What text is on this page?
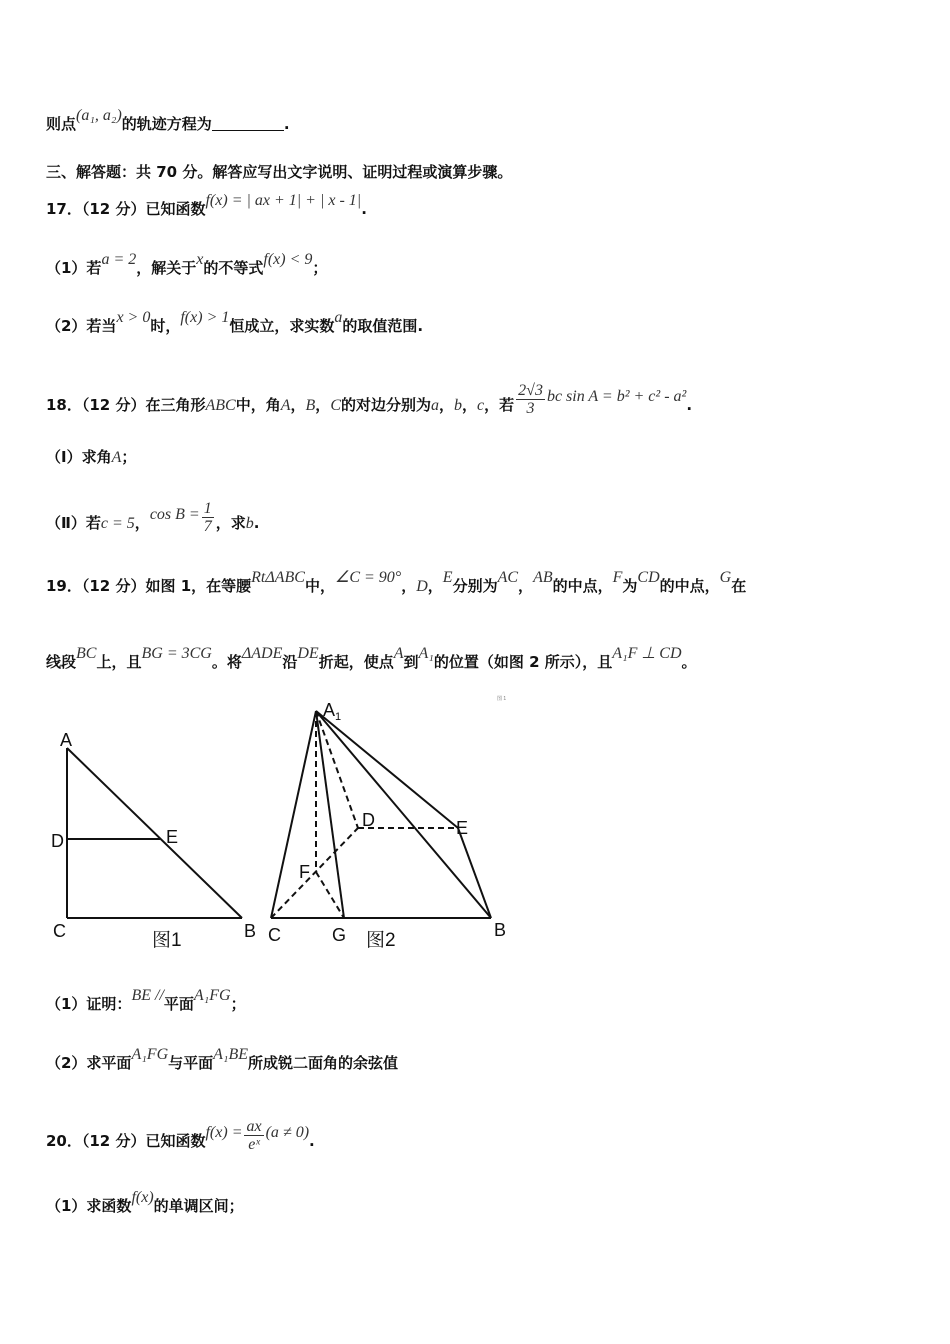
则点(a₁, a₂)的轨迹方程为	.
三、解答题：共 70 分。解答应写出文字说明、证明过程或演算步骤。
17．（12 分）已知函数f(x) = | ax + 1| + | x - 1|.
（1）若a = 2，解关于x的不等式f(x) < 9；
（2）若当x > 0时，f(x) > 1恒成立，求实数a的取值范围.
18．（12 分）在三角形ABC中，角A，B，C的对边分别为a，b，c，若 $\frac{2√3}{3}$ bc sin A = b² + c² - a².
（Ⅰ）求角A；
（Ⅱ）若c = 5，$\cos B = \frac{1}{7}$ ，求b.
19．（12 分）如图 1，在等腰RtΔABC中，∠C = 90°，D，E分别为AC，AB的中点，F为CD的中点，G在
线段BC上，且BG = 3CG。将ΔADE沿DE折起，使点A到A₁的位置（如图 2 所示），且A₁F ⊥ CD。
A
D	E
C	B
图1
$A_1$
D	E
F
C	G	B
图2
图 1
（1）证明：BE //平面A₁FG；
（2）求平面A₁FG与平面A₁BE所成锐二面角的余弦值
20．（12 分）已知函数$f(x) = \frac{ax}{\text{eˣ}} (a \ne 0)$.
（1）求函数f(x)的单调区间；
